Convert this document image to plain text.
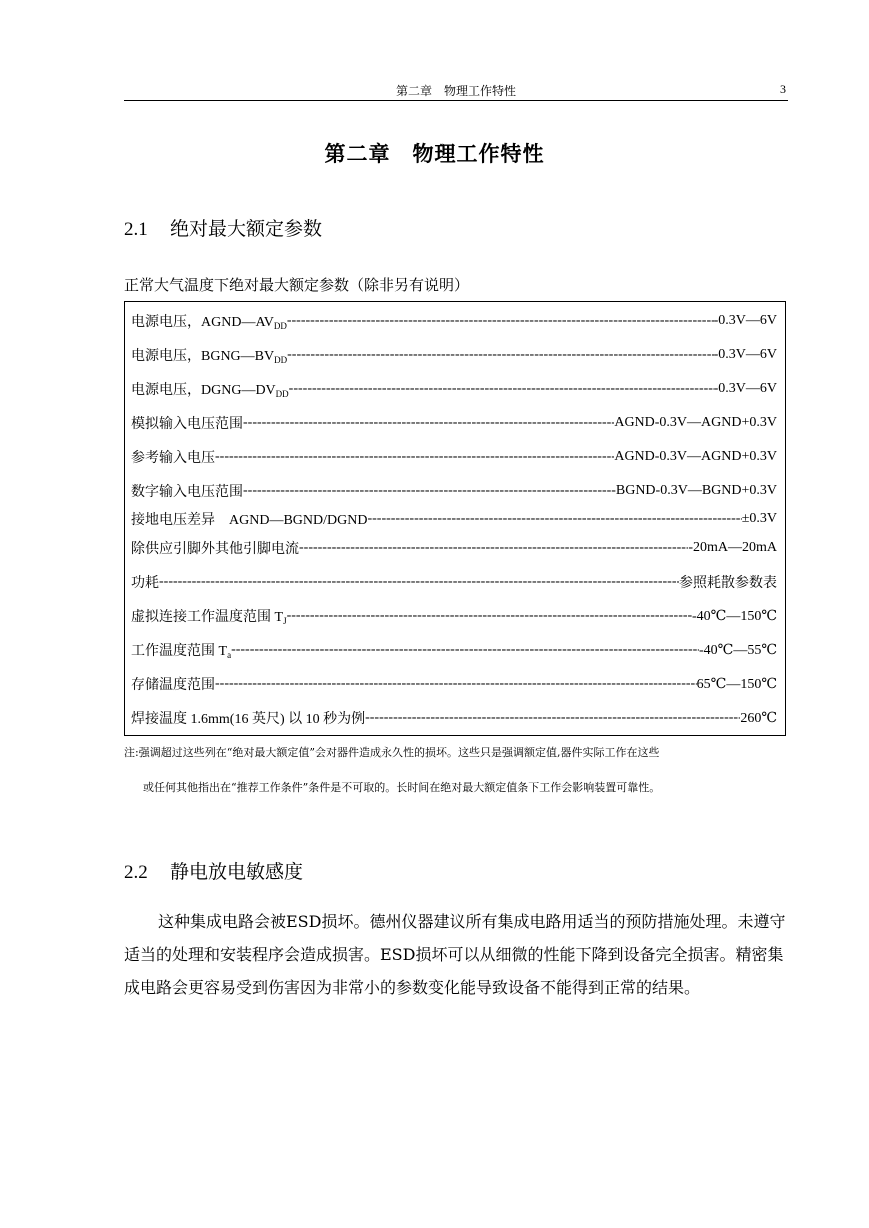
第二章　物理工作特性	3
第二章　物理工作特性
2.1 绝对最大额定参数
正常大气温度下绝对最大额定参数（除非另有说明）
电源电压，$AGND—AV_{DD}$ -----	-0.3V—6V
电源电压，$BGNG—BV_{DD}$ -----	-0.3V—6V
电源电压，$DGNG—DV_{DD}$ -----	-0.3V—6V
模拟输入电压范围 -----	AGND-0.3V—AGND+0.3V
参考输入电压 -----	AGND-0.3V—AGND+0.3V
数字输入电压范围 -----	BGND-0.3V—BGND+0.3V
接地电压差异　AGND—BGND/DGND -----	±0.3V
除供应引脚外其他引脚电流 -----	-20mA—20mA
功耗 -----	参照耗散参数表
虚拟连接工作温度范围 $T_J$ -----	-40℃—150℃
工作温度范围 $T_a$ -----	-40℃—55℃
存储温度范围 -----	65℃—150℃
焊接温度 1.6mm(16 英尺) 以 10 秒为例 -----	260℃
注:强调超过这些列在“绝对最大额定值”会对器件造成永久性的损坏。这些只是强调额定值,器件实际工作在这些
或任何其他指出在“推荐工作条件”条件是不可取的。长时间在绝对最大额定值条下工作会影响装置可靠性。
2.2 静电放电敏感度
这种集成电路会被ESD损坏。德州仪器建议所有集成电路用适当的预防措施处理。未遵守适当的处理和安装程序会造成损害。ESD损坏可以从细微的性能下降到设备完全损害。精密集成电路会更容易受到伤害因为非常小的参数变化能导致设备不能得到正常的结果。
